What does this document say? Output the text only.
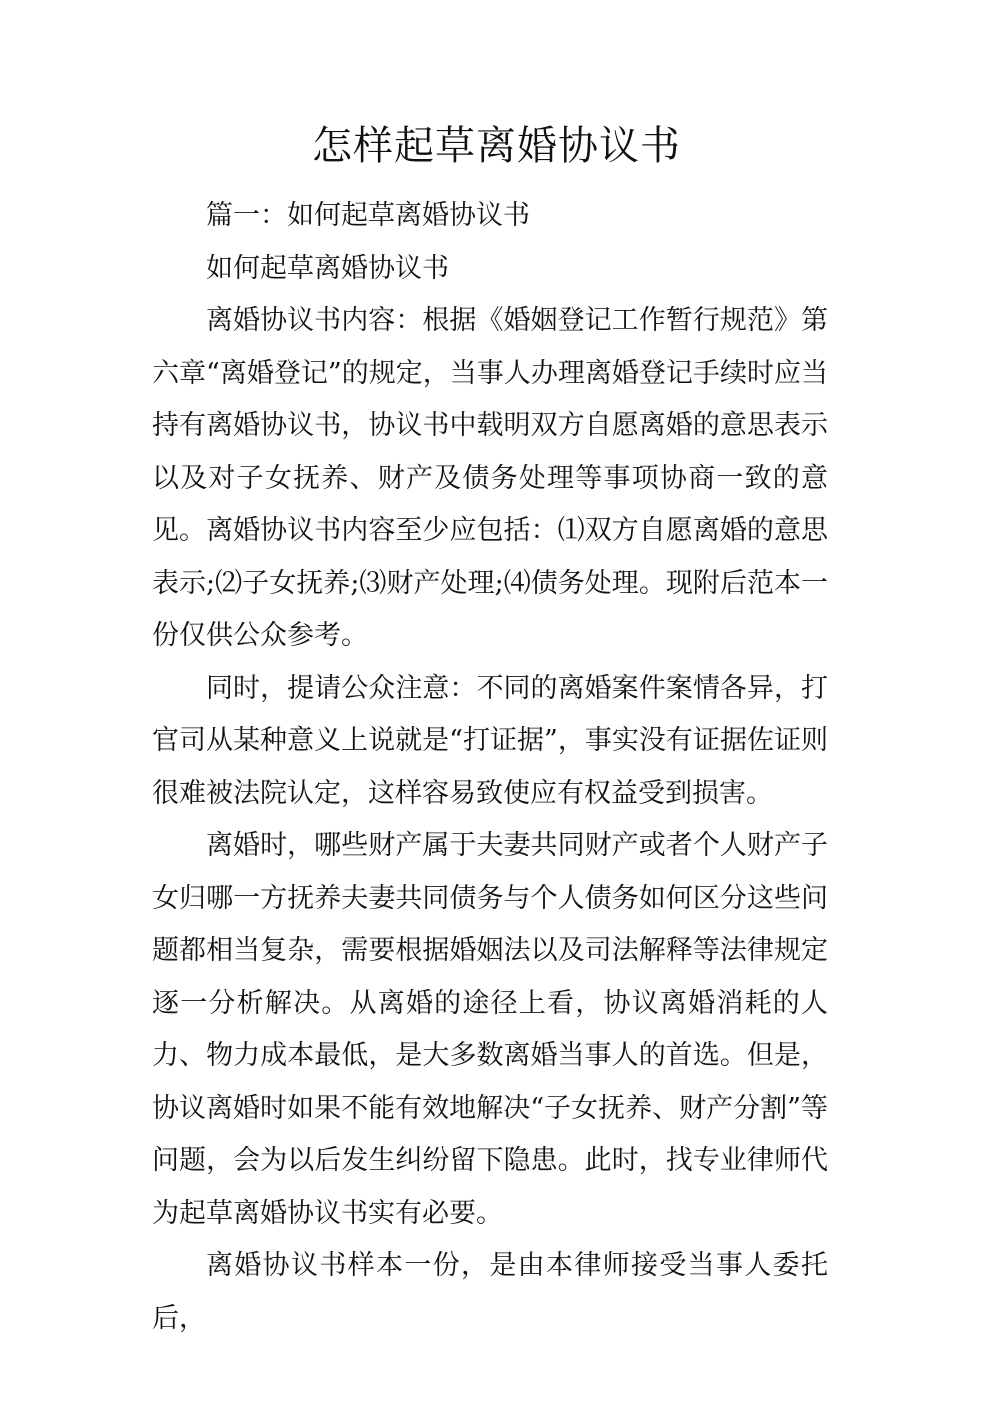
怎样起草离婚协议书

篇一：如何起草离婚协议书

如何起草离婚协议书

离婚协议书内容：根据《婚姻登记工作暂行规范》第六章“离婚登记”的规定，当事人办理离婚登记手续时应当持有离婚协议书，协议书中载明双方自愿离婚的意思表示以及对子女抚养、财产及债务处理等事项协商一致的意见。离婚协议书内容至少应包括：⑴双方自愿离婚的意思表示;⑵子女抚养;⑶财产处理;⑷债务处理。现附后范本一份仅供公众参考。

同时，提请公众注意：不同的离婚案件案情各异，打官司从某种意义上说就是“打证据”，事实没有证据佐证则很难被法院认定，这样容易致使应有权益受到损害。

离婚时，哪些财产属于夫妻共同财产或者个人财产子女归哪一方抚养夫妻共同债务与个人债务如何区分这些问题都相当复杂，需要根据婚姻法以及司法解释等法律规定逐一分析解决。从离婚的途径上看，协议离婚消耗的人力、物力成本最低，是大多数离婚当事人的首选。但是，协议离婚时如果不能有效地解决“子女抚养、财产分割”等问题，会为以后发生纠纷留下隐患。此时，找专业律师代为起草离婚协议书实有必要。

离婚协议书样本一份，是由本律师接受当事人委托后，
